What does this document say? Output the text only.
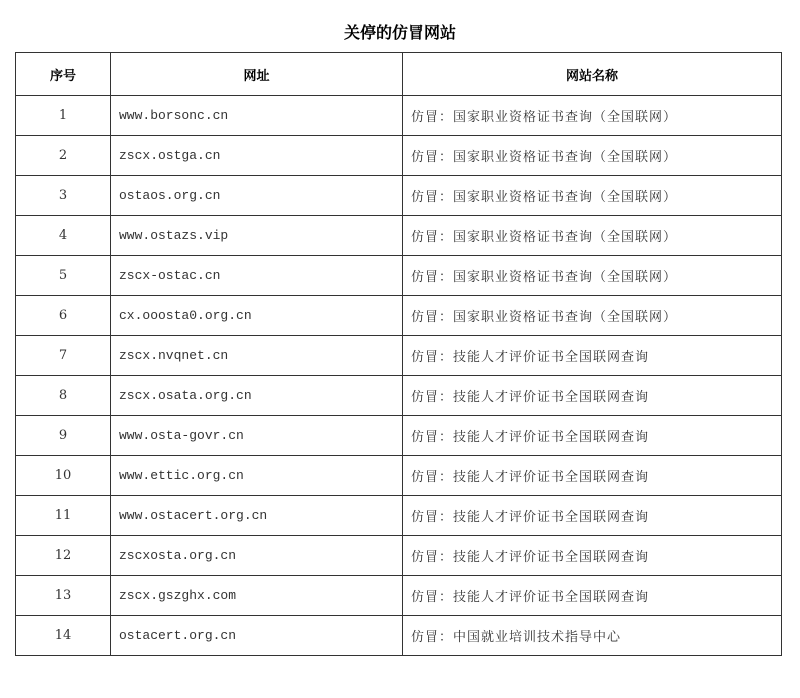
关停的仿冒网站
序号	网址	网站名称
1	www.borsonc.cn	仿冒：国家职业资格证书查询（全国联网）
2	zscx.ostga.cn	仿冒：国家职业资格证书查询（全国联网）
3	ostaos.org.cn	仿冒：国家职业资格证书查询（全国联网）
4	www.ostazs.vip	仿冒：国家职业资格证书查询（全国联网）
5	zscx-ostac.cn	仿冒：国家职业资格证书查询（全国联网）
6	cx.ooosta0.org.cn	仿冒：国家职业资格证书查询（全国联网）
7	zscx.nvqnet.cn	仿冒：技能人才评价证书全国联网查询
8	zscx.osata.org.cn	仿冒：技能人才评价证书全国联网查询
9	www.osta-govr.cn	仿冒：技能人才评价证书全国联网查询
10	www.ettic.org.cn	仿冒：技能人才评价证书全国联网查询
11	www.ostacert.org.cn	仿冒：技能人才评价证书全国联网查询
12	zscxosta.org.cn	仿冒：技能人才评价证书全国联网查询
13	zscx.gszghx.com	仿冒：技能人才评价证书全国联网查询
14	ostacert.org.cn	仿冒：中国就业培训技术指导中心
